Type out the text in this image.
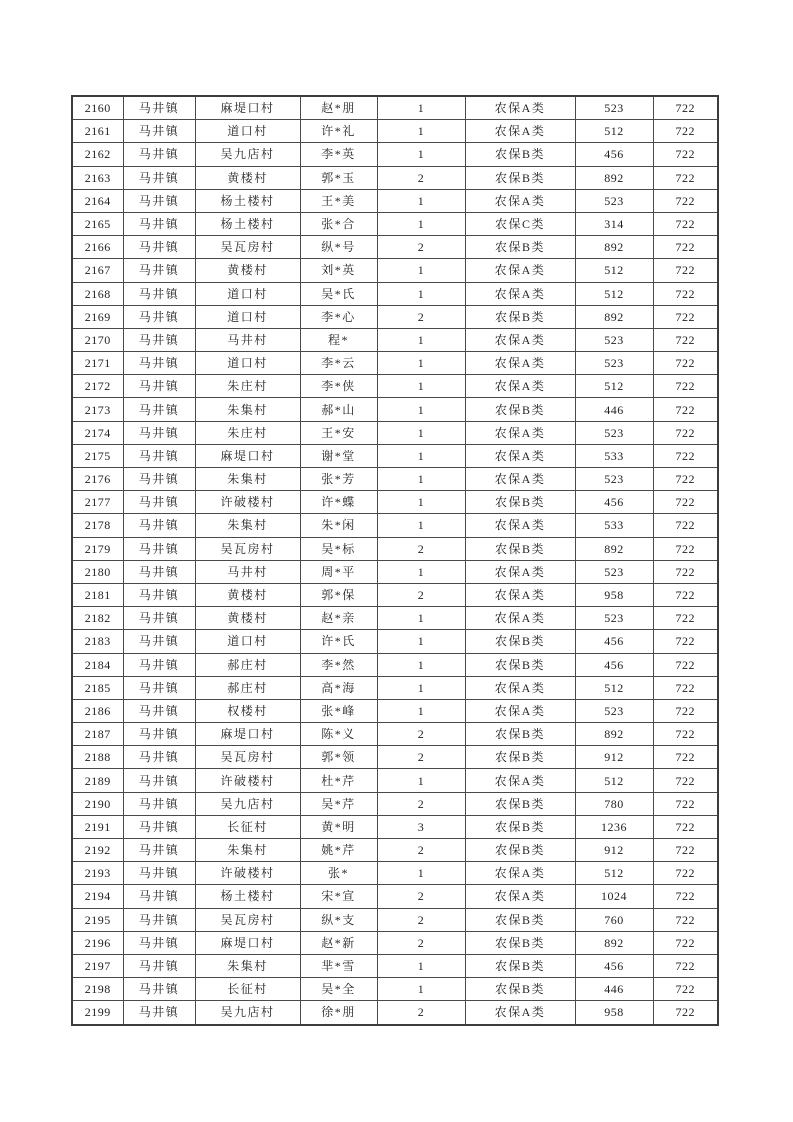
2160	马井镇	麻堤口村	赵*朋	1	农保A类	523	722
2161	马井镇	道口村	许*礼	1	农保A类	512	722
2162	马井镇	吴九店村	李*英	1	农保B类	456	722
2163	马井镇	黄楼村	郭*玉	2	农保B类	892	722
2164	马井镇	杨土楼村	王*美	1	农保A类	523	722
2165	马井镇	杨土楼村	张*合	1	农保C类	314	722
2166	马井镇	吴瓦房村	纵*号	2	农保B类	892	722
2167	马井镇	黄楼村	刘*英	1	农保A类	512	722
2168	马井镇	道口村	吴*氏	1	农保A类	512	722
2169	马井镇	道口村	李*心	2	农保B类	892	722
2170	马井镇	马井村	程*	1	农保A类	523	722
2171	马井镇	道口村	李*云	1	农保A类	523	722
2172	马井镇	朱庄村	李*侠	1	农保A类	512	722
2173	马井镇	朱集村	郝*山	1	农保B类	446	722
2174	马井镇	朱庄村	王*安	1	农保A类	523	722
2175	马井镇	麻堤口村	谢*堂	1	农保A类	533	722
2176	马井镇	朱集村	张*芳	1	农保A类	523	722
2177	马井镇	许破楼村	许*蝶	1	农保B类	456	722
2178	马井镇	朱集村	朱*闲	1	农保A类	533	722
2179	马井镇	吴瓦房村	吴*标	2	农保B类	892	722
2180	马井镇	马井村	周*平	1	农保A类	523	722
2181	马井镇	黄楼村	郭*保	2	农保A类	958	722
2182	马井镇	黄楼村	赵*亲	1	农保A类	523	722
2183	马井镇	道口村	许*氏	1	农保B类	456	722
2184	马井镇	郝庄村	李*然	1	农保B类	456	722
2185	马井镇	郝庄村	高*海	1	农保A类	512	722
2186	马井镇	权楼村	张*峰	1	农保A类	523	722
2187	马井镇	麻堤口村	陈*义	2	农保B类	892	722
2188	马井镇	吴瓦房村	郭*领	2	农保B类	912	722
2189	马井镇	许破楼村	杜*芹	1	农保A类	512	722
2190	马井镇	吴九店村	吴*芹	2	农保B类	780	722
2191	马井镇	长征村	黄*明	3	农保B类	1236	722
2192	马井镇	朱集村	姚*芹	2	农保B类	912	722
2193	马井镇	许破楼村	张*	1	农保A类	512	722
2194	马井镇	杨土楼村	宋*宣	2	农保A类	1024	722
2195	马井镇	吴瓦房村	纵*支	2	农保B类	760	722
2196	马井镇	麻堤口村	赵*新	2	农保B类	892	722
2197	马井镇	朱集村	芈*雪	1	农保B类	456	722
2198	马井镇	长征村	吴*全	1	农保B类	446	722
2199	马井镇	吴九店村	徐*朋	2	农保A类	958	722
